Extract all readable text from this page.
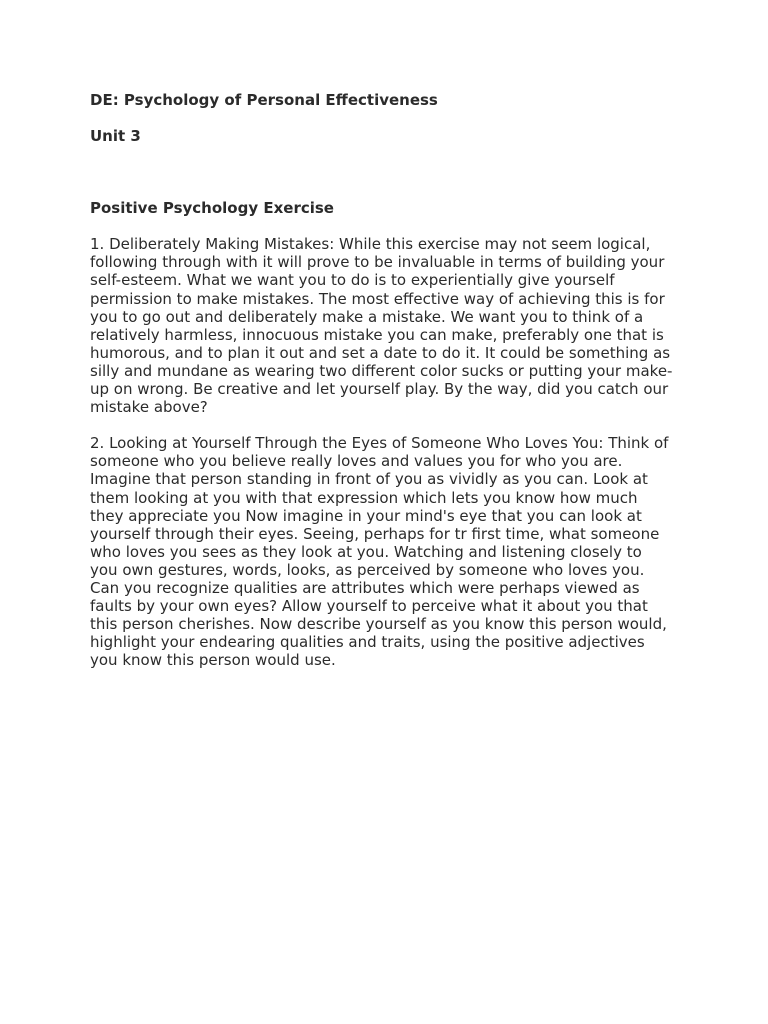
DE: Psychology of Personal Effectiveness
Unit 3
Positive Psychology Exercise

1. Deliberately Making Mistakes: While this exercise may not seem logical,
following through with it will prove to be invaluable in terms of building your
self-esteem. What we want you to do is to experientially give yourself
permission to make mistakes. The most effective way of achieving this is for
you to go out and deliberately make a mistake. We want you to think of a
relatively harmless, innocuous mistake you can make, preferably one that is
humorous, and to plan it out and set a date to do it. It could be something as
silly and mundane as wearing two different color sucks or putting your make-
up on wrong. Be creative and let yourself play. By the way, did you catch our
mistake above?

2. Looking at Yourself Through the Eyes of Someone Who Loves You: Think of
someone who you believe really loves and values you for who you are.
Imagine that person standing in front of you as vividly as you can. Look at
them looking at you with that expression which lets you know how much
they appreciate you Now imagine in your mind's eye that you can look at
yourself through their eyes. Seeing, perhaps for tr first time, what someone
who loves you sees as they look at you. Watching and listening closely to
you own gestures, words, looks, as perceived by someone who loves you.
Can you recognize qualities are attributes which were perhaps viewed as
faults by your own eyes? Allow yourself to perceive what it about you that
this person cherishes. Now describe yourself as you know this person would,
highlight your endearing qualities and traits, using the positive adjectives
you know this person would use.
